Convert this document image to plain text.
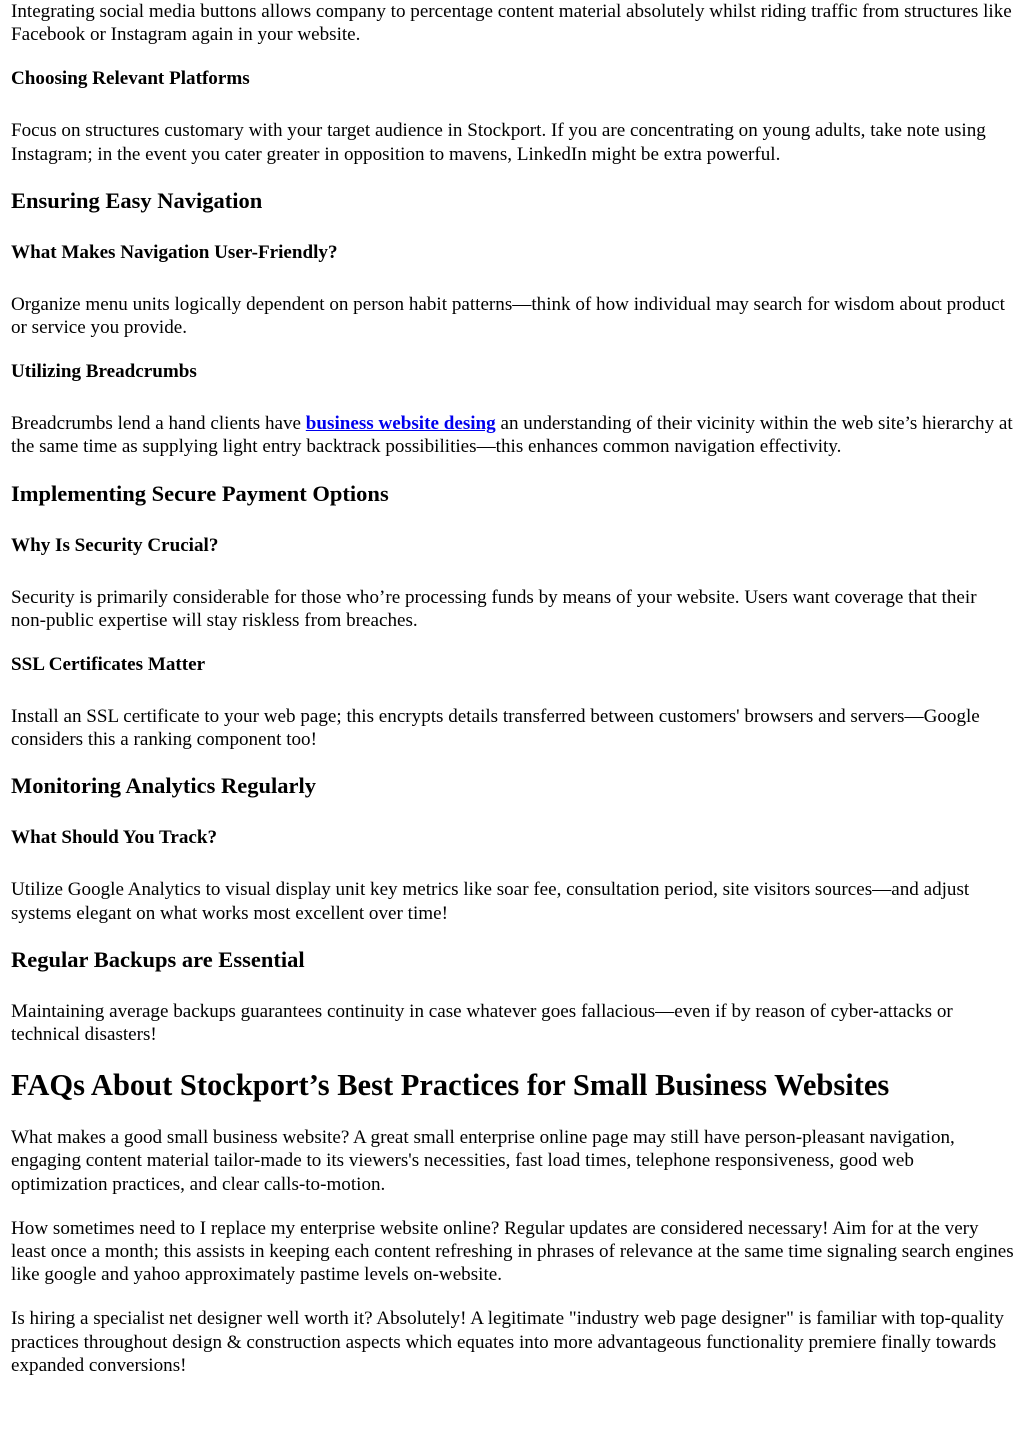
Integrating social media buttons allows company to percentage content material absolutely whilst riding traffic from structures like Facebook or Instagram again in your website.

Choosing Relevant Platforms

Focus on structures customary with your target audience in Stockport. If you are concentrating on young adults, take note using Instagram; in the event you cater greater in opposition to mavens, LinkedIn might be extra powerful.

Ensuring Easy Navigation
What Makes Navigation User-Friendly?

Organize menu units logically dependent on person habit patterns—think of how individual may search for wisdom about product or service you provide.

Utilizing Breadcrumbs

Breadcrumbs lend a hand clients have business website desing an understanding of their vicinity within the web site’s hierarchy at the same time as supplying light entry backtrack possibilities—this enhances common navigation effectivity.

Implementing Secure Payment Options
Why Is Security Crucial?

Security is primarily considerable for those who’re processing funds by means of your website. Users want coverage that their non-public expertise will stay riskless from breaches.

SSL Certificates Matter

Install an SSL certificate to your web page; this encrypts details transferred between customers' browsers and servers—Google considers this a ranking component too!

Monitoring Analytics Regularly
What Should You Track?

Utilize Google Analytics to visual display unit key metrics like soar fee, consultation period, site visitors sources—and adjust systems elegant on what works most excellent over time!

Regular Backups are Essential

Maintaining average backups guarantees continuity in case whatever goes fallacious—even if by reason of cyber-attacks or technical disasters!

FAQs About Stockport’s Best Practices for Small Business Websites

What makes a good small business website? A great small enterprise online page may still have person-pleasant navigation, engaging content material tailor-made to its viewers's necessities, fast load times, telephone responsiveness, good web optimization practices, and clear calls-to-motion.

How sometimes need to I replace my enterprise website online? Regular updates are considered necessary! Aim for at the very least once a month; this assists in keeping each content refreshing in phrases of relevance at the same time signaling search engines like google and yahoo approximately pastime levels on-website.

Is hiring a specialist net designer well worth it? Absolutely! A legitimate "industry web page designer" is familiar with top-quality practices throughout design & construction aspects which equates into more advantageous functionality premiere finally towards expanded conversions!
